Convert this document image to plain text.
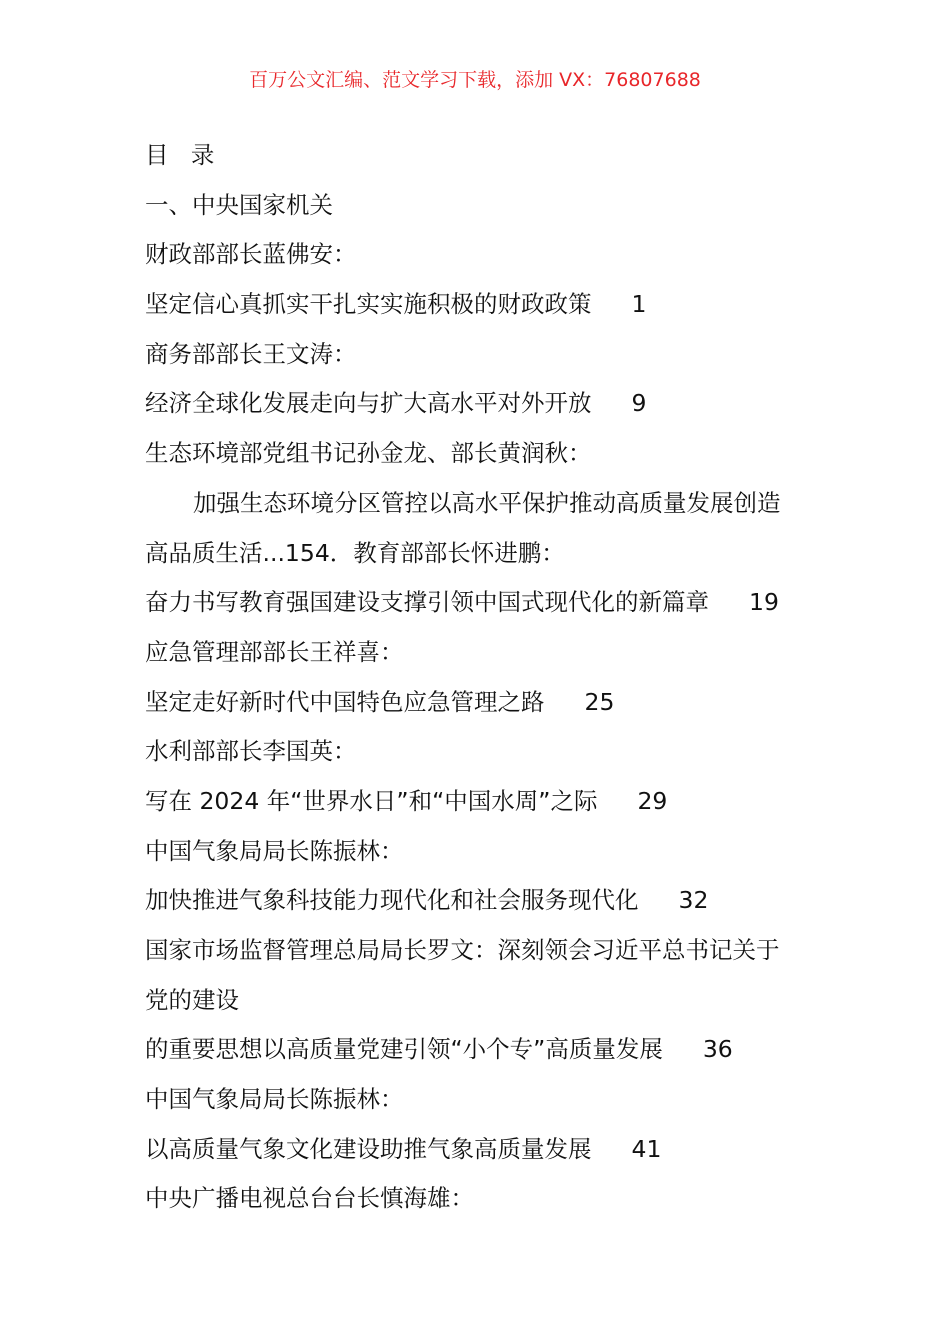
百万公文汇编、范文学习下载，添加 VX：76807688
目   录
一、中央国家机关
财政部部长蓝佛安：
坚定信心真抓实干扎实实施积极的财政政策 1
商务部部长王文涛：
经济全球化发展走向与扩大高水平对外开放 9
生态环境部党组书记孙金龙、部长黄润秋：
加强生态环境分区管控以高水平保护推动高质量发展创造
高品质生活...154．教育部部长怀进鹏：
奋力书写教育强国建设支撑引领中国式现代化的新篇章 19
应急管理部部长王祥喜：
坚定走好新时代中国特色应急管理之路 25
水利部部长李国英：
写在 2024 年“世界水日”和“中国水周”之际 29
中国气象局局长陈振林：
加快推进气象科技能力现代化和社会服务现代化 32
国家市场监督管理总局局长罗文：深刻领会习近平总书记关于
党的建设
的重要思想以高质量党建引领“小个专”高质量发展 36
中国气象局局长陈振林：
以高质量气象文化建设助推气象高质量发展 41
中央广播电视总台台长慎海雄：
